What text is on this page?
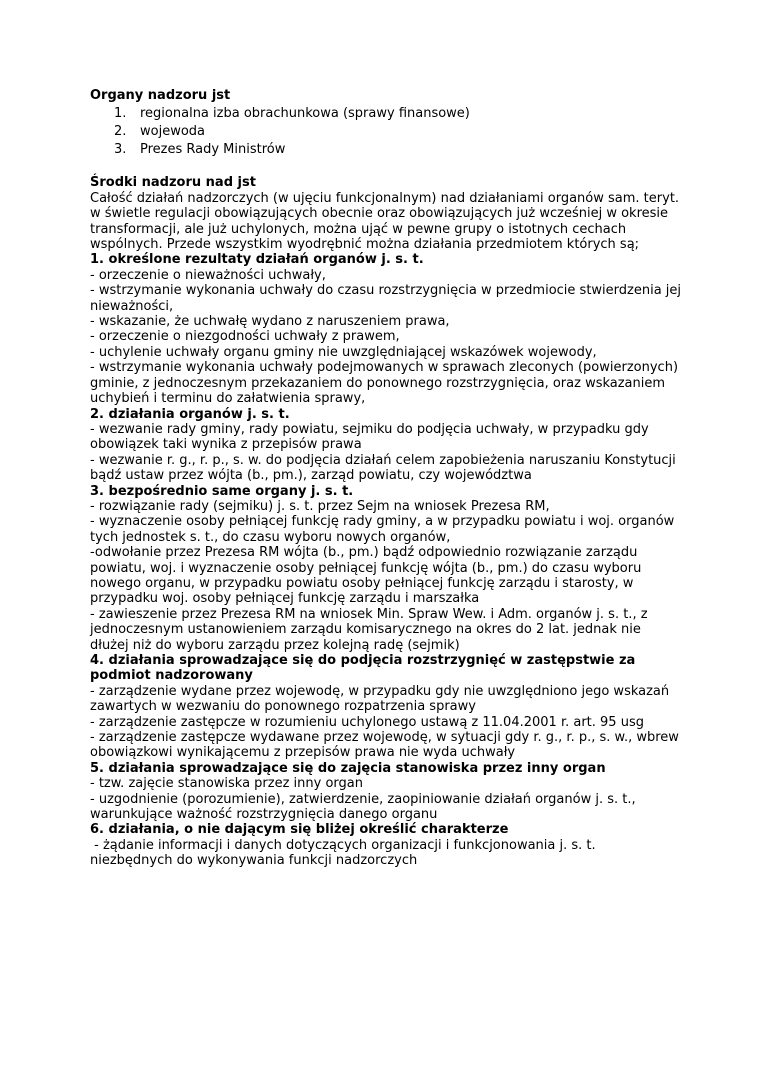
Organy nadzoru jst
1.	regionalna izba obrachunkowa (sprawy finansowe)
2.	wojewoda
3.	Prezes Rady Ministrów
Środki nadzoru nad jst
Całość działań nadzorczych (w ujęciu funkcjonalnym) nad działaniami organów sam. teryt. w świetle regulacji obowiązujących obecnie oraz obowiązujących już wcześniej w okresie transformacji, ale już uchylonych, można ująć w pewne grupy o istotnych cechach wspólnych. Przede wszystkim wyodrębnić można działania przedmiotem których są;
1. określone rezultaty działań organów j. s. t.
- orzeczenie o nieważności uchwały,
- wstrzymanie wykonania uchwały do czasu rozstrzygnięcia w przedmiocie stwierdzenia jej nieważności,
- wskazanie, że uchwałę wydano z naruszeniem prawa,
- orzeczenie o niezgodności uchwały z prawem,
- uchylenie uchwały organu gminy nie uwzględniającej wskazówek wojewody,
- wstrzymanie wykonania uchwały podejmowanych w sprawach zleconych (powierzonych) gminie, z jednoczesnym przekazaniem do ponownego rozstrzygnięcia, oraz wskazaniem uchybień i terminu do załatwienia sprawy,
2. działania organów j. s. t.
- wezwanie rady gminy, rady powiatu, sejmiku do podjęcia uchwały, w przypadku gdy obowiązek taki wynika z przepisów prawa
- wezwanie r. g., r. p., s. w. do podjęcia działań celem zapobieżenia naruszaniu Konstytucji bądź ustaw przez wójta (b., pm.), zarząd powiatu, czy województwa
3. bezpośrednio same organy j. s. t.
- rozwiązanie rady (sejmiku) j. s. t. przez Sejm na wniosek Prezesa RM,
- wyznaczenie osoby pełniącej funkcję rady gminy, a w przypadku powiatu i woj. organów tych jednostek s. t., do czasu wyboru nowych organów,
-odwołanie przez Prezesa RM wójta (b., pm.) bądź odpowiednio rozwiązanie zarządu powiatu, woj. i wyznaczenie osoby pełniącej funkcję wójta (b., pm.) do czasu wyboru nowego organu, w przypadku powiatu osoby pełniącej funkcję zarządu i starosty, w przypadku woj. osoby pełniącej funkcję zarządu i marszałka
- zawieszenie przez Prezesa RM na wniosek Min. Spraw Wew. i Adm. organów j. s. t., z jednoczesnym ustanowieniem zarządu komisarycznego na okres do 2 lat. jednak nie dłużej niż do wyboru zarządu przez kolejną radę (sejmik)
4. działania sprowadzające się do podjęcia rozstrzygnięć w zastępstwie za podmiot nadzorowany
- zarządzenie wydane przez wojewodę, w przypadku gdy nie uwzględniono jego wskazań zawartych w wezwaniu do ponownego rozpatrzenia sprawy
- zarządzenie zastępcze w rozumieniu uchylonego ustawą z 11.04.2001 r. art. 95 usg
- zarządzenie zastępcze wydawane przez wojewodę, w sytuacji gdy r. g., r. p., s. w., wbrew obowiązkowi wynikającemu z przepisów prawa nie wyda uchwały
5. działania sprowadzające się do zajęcia stanowiska przez inny organ
- tzw. zajęcie stanowiska przez inny organ
- uzgodnienie (porozumienie), zatwierdzenie, zaopiniowanie działań organów j. s. t., warunkujące ważność rozstrzygnięcia danego organu
6. działania, o nie dającym się bliżej określić charakterze
- żądanie informacji i danych dotyczących organizacji i funkcjonowania j. s. t. niezbędnych do wykonywania funkcji nadzorczych
